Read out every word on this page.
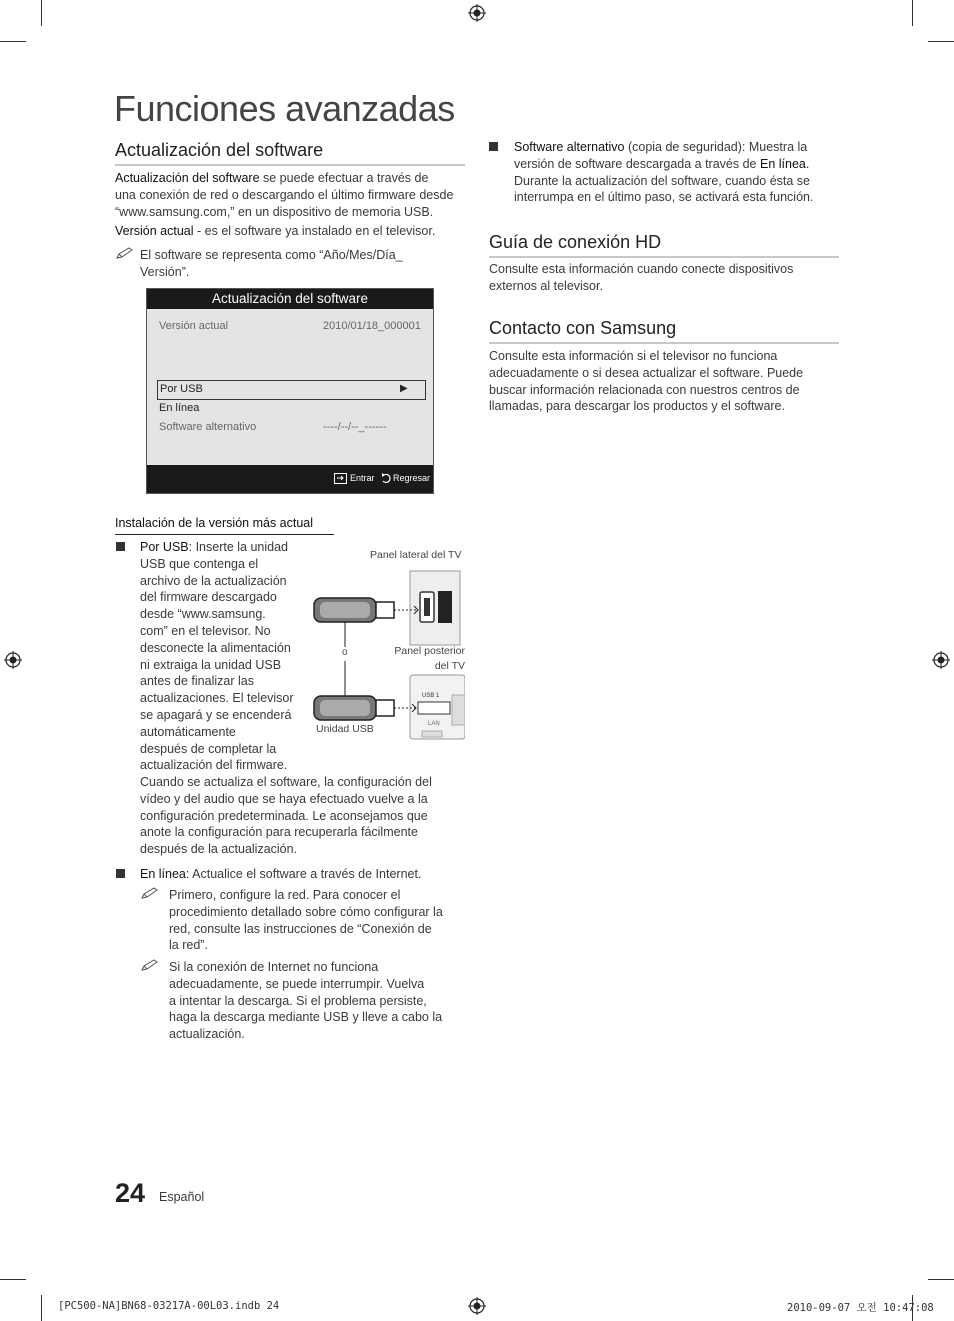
Funciones avanzadas
Actualización del software
Actualización del software se puede efectuar a través de
una conexión de red o descargando el último firmware desde
“www.samsung.com,” en un dispositivo de memoria USB.
Versión actual - es el software ya instalado en el televisor.
El software se representa como “Año/Mes/Día_
Versión”.
Actualización del software
Versión actual	2010/01/18_000001
Por USB	▶
En línea
Software alternativo	----/--/--_------
Entrar Regresar
Instalación de la versión más actual
Por USB: Inserte la unidad
USB que contenga el
archivo de la actualización
del firmware descargado
desde “www.samsung.
com” en el televisor. No
desconecte la alimentación
ni extraiga la unidad USB
antes de finalizar las
actualizaciones. El televisor
se apagará y se encenderá
automáticamente
después de completar la
actualización del firmware.
Cuando se actualiza el software, la configuración del
vídeo y del audio que se haya efectuado vuelve a la
configuración predeterminada. Le aconsejamos que
anote la configuración para recuperarla fácilmente
después de la actualización.
Panel lateral del TV
o	Panel posterior
del TV
USB 1
LAN
Unidad USB
En línea: Actualice el software a través de Internet.
Primero, configure la red. Para conocer el
procedimiento detallado sobre cómo configurar la
red, consulte las instrucciones de “Conexión de
la red”.
Si la conexión de Internet no funciona
adecuadamente, se puede interrumpir. Vuelva
a intentar la descarga. Si el problema persiste,
haga la descarga mediante USB y lleve a cabo la
actualización.
Software alternativo (copia de seguridad): Muestra la
versión de software descargada a través de En línea.
Durante la actualización del software, cuando ésta se
interrumpa en el último paso, se activará esta función.
Guía de conexión HD
Consulte esta información cuando conecte dispositivos
externos al televisor.
Contacto con Samsung
Consulte esta información si el televisor no funciona
adecuadamente o si desea actualizar el software. Puede
buscar información relacionada con nuestros centros de
llamadas, para descargar los productos y el software.
24 Español
[PC500-NA]BN68-03217A-00L03.indb 24	2010-09-07 오전 10:47:08
